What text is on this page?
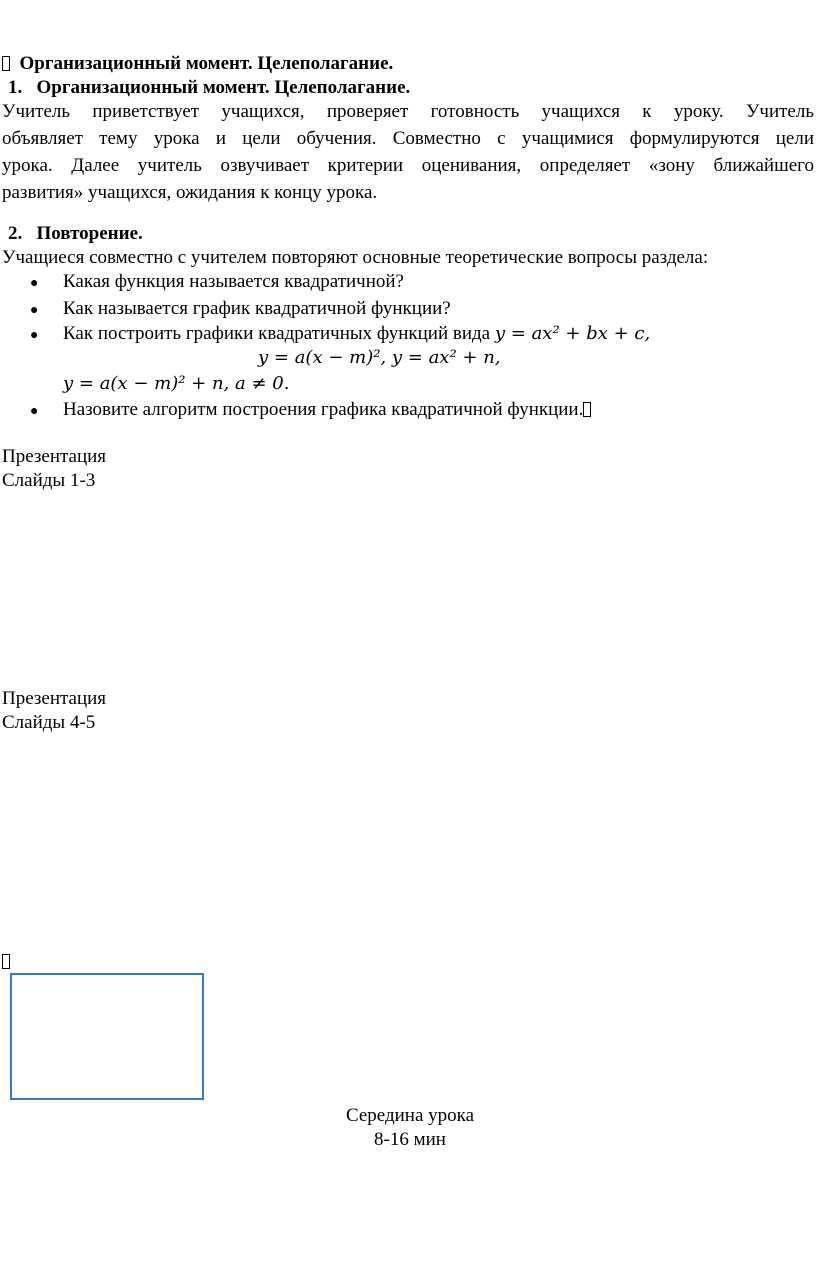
Организационный момент. Целеполагание.
1. Организационный момент. Целеполагание.
Учитель приветствует учащихся, проверяет готовность учащихся к уроку. Учитель
объявляет тему урока и цели обучения. Совместно с учащимися формулируются цели
урока. Далее учитель озвучивает критерии оценивания, определяет «зону ближайшего
развития» учащихся, ожидания к концу урока.
2. Повторение.
Учащиеся совместно с учителем повторяют основные теоретические вопросы раздела:
● Какая функция называется квадратичной?
● Как называется график квадратичной функции?
● Как построить графики квадратичных функций вида y = ax² + bx + c,
y = a(x − m)², y = ax² + n,
y = a(x − m)² + n, a ≠ 0.
● Назовите алгоритм построения графика квадратичной функции.
Презентация
Слайды 1-3
Презентация
Слайды 4-5
Середина урока
8-16 мин
